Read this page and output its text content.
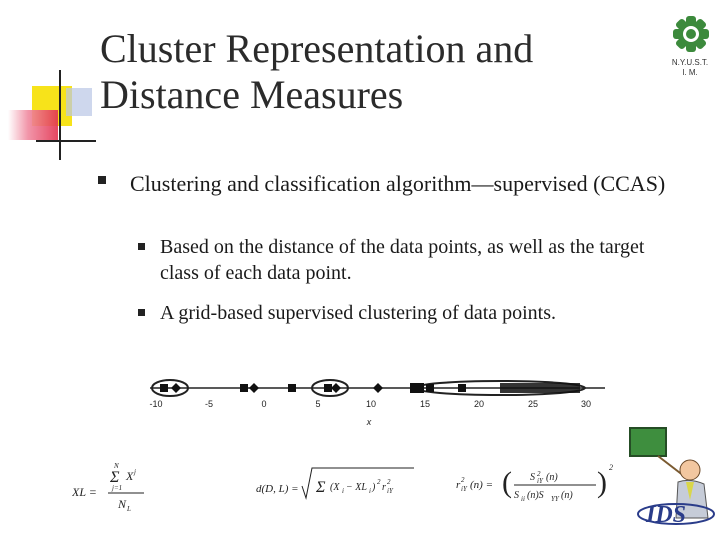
Cluster Representation and
Distance Measures
N.Y.U.S.T.
I. M.
Clustering and classification algorithm—supervised (CCAS)
Based on the distance of the data points, as well as the target class of each data point.
A grid-based supervised clustering of data points.
-10	-5	0	5	10	15	20	25	30
x
XL =
N
Σ X j
j=1
N L
d(D, L) = Σ (X i − XL i ) 2 r 2
iY	r 2
iY (n) = ( S 2
iY (n)
S ii (n)S YY (n) ) 2
IDS
